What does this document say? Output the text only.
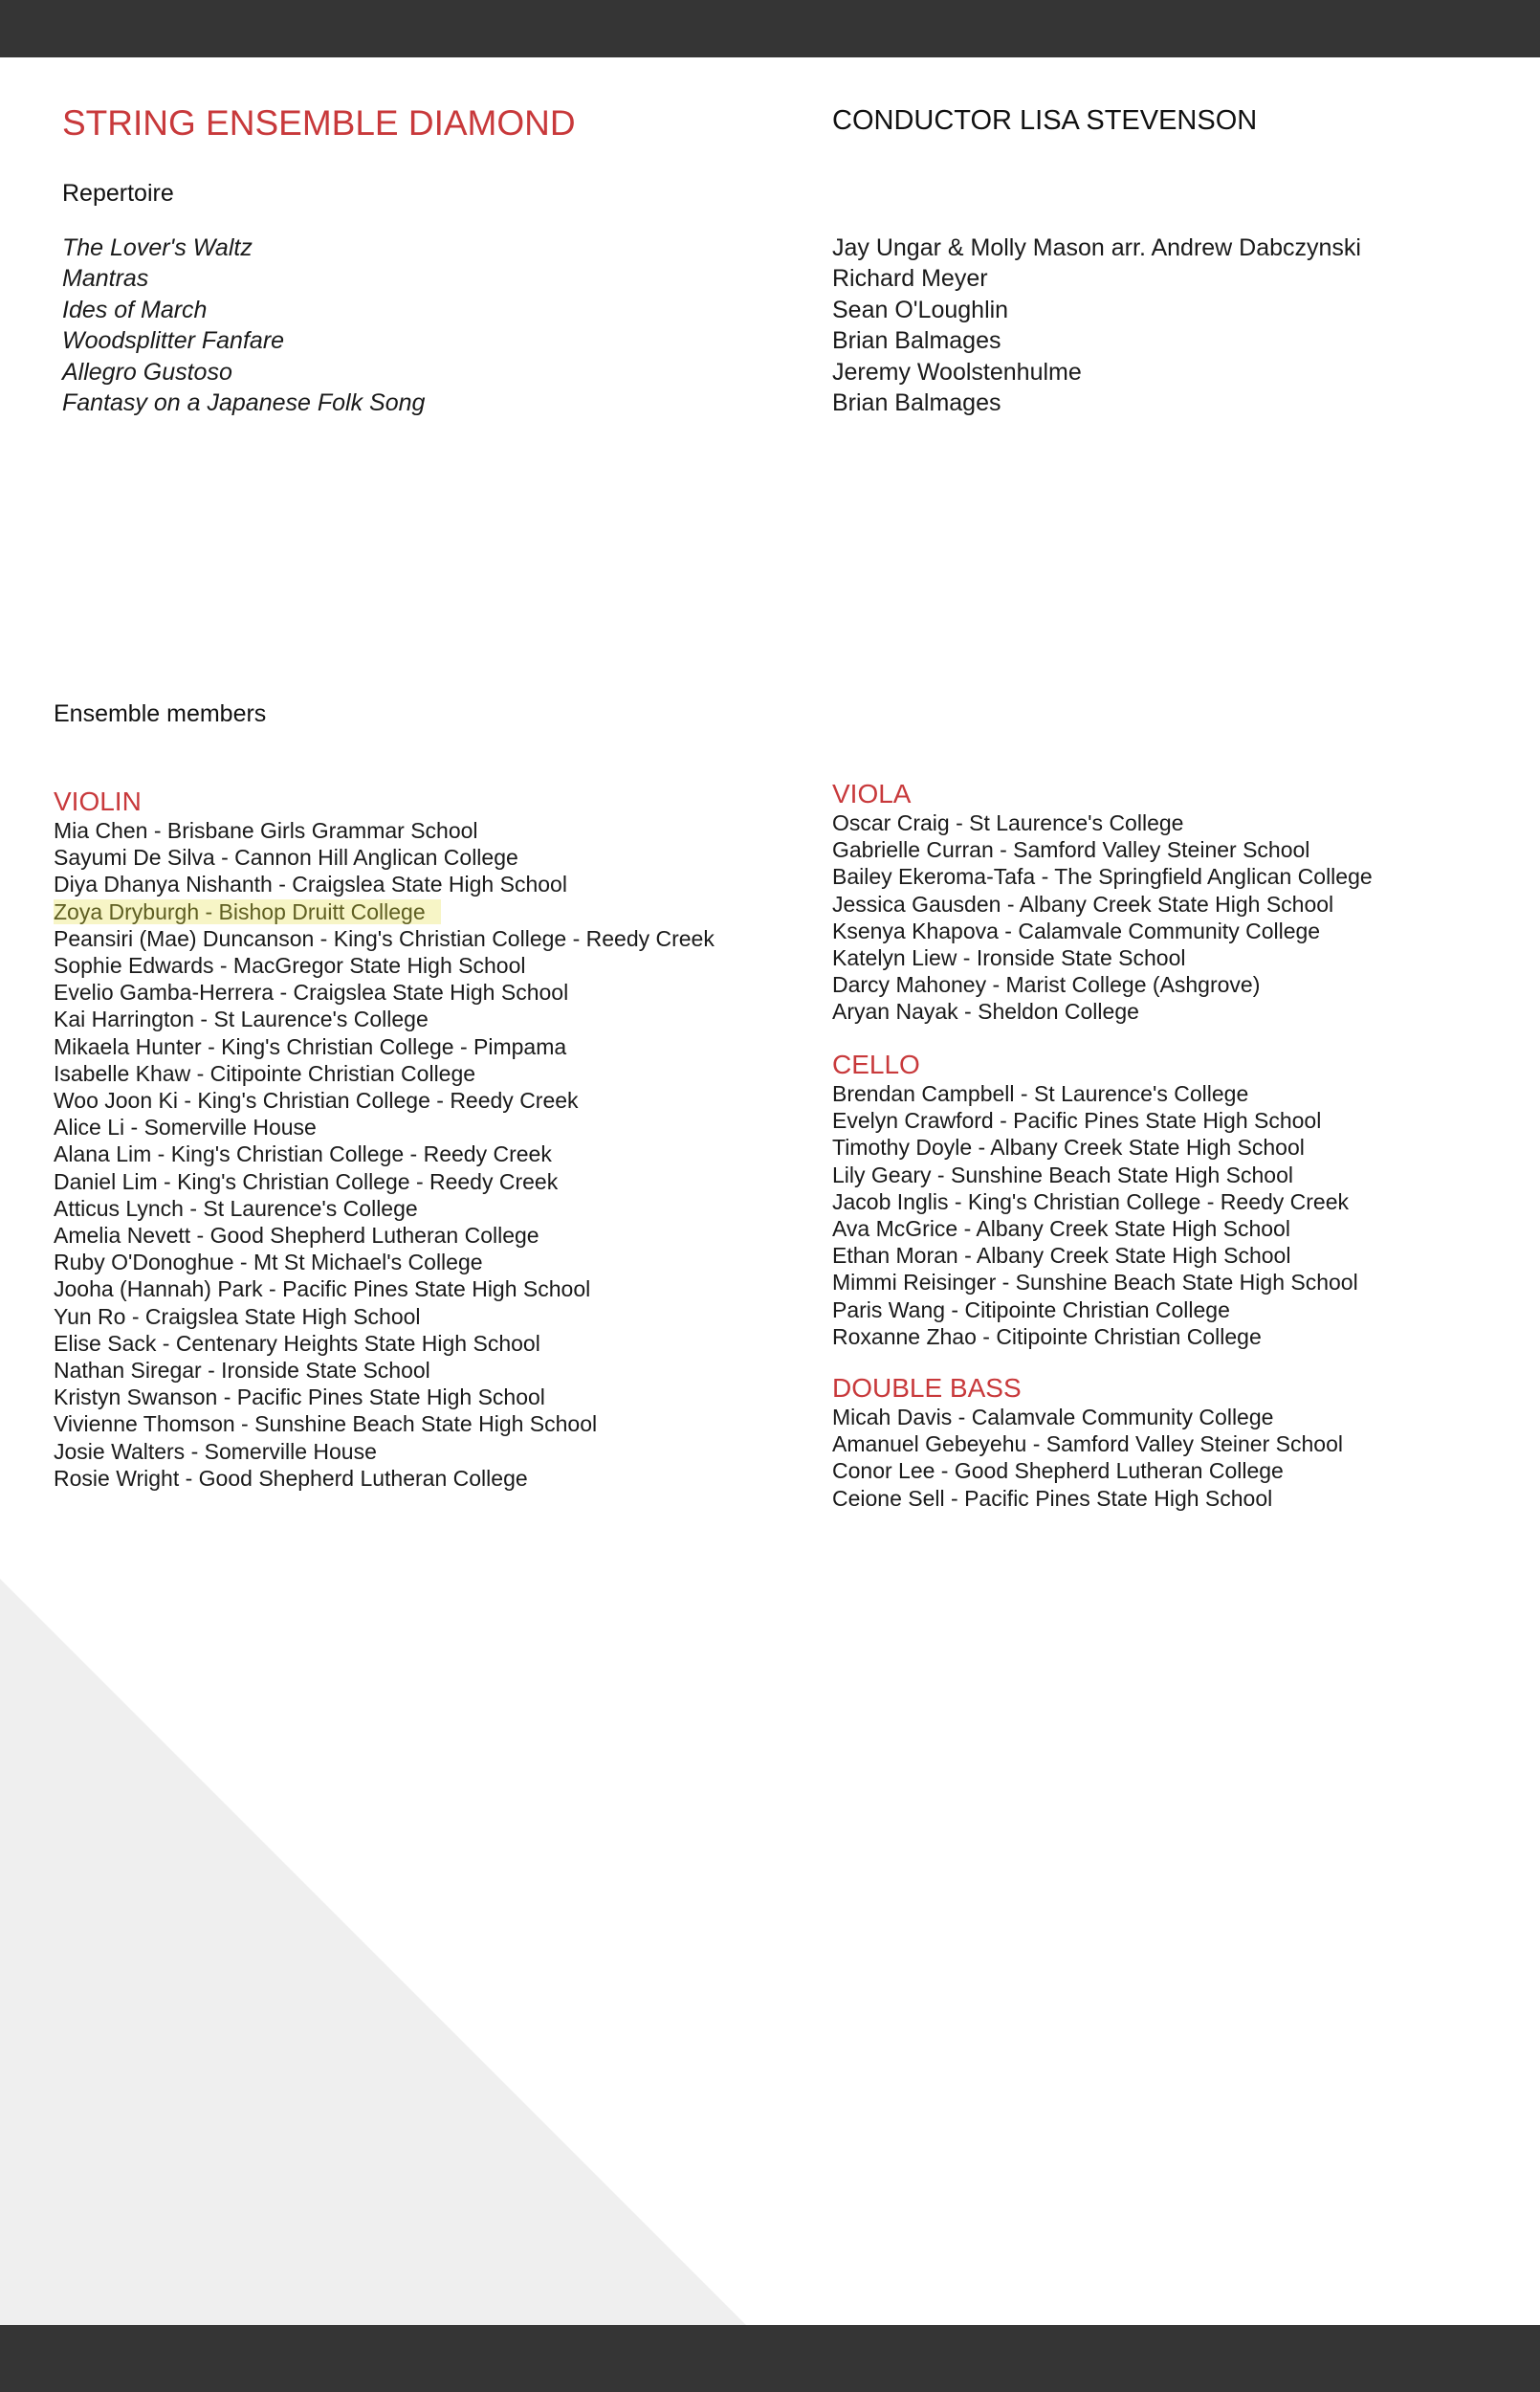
STRING ENSEMBLE DIAMOND	CONDUCTOR LISA STEVENSON
Repertoire
The Lover's Waltz
Mantras
Ides of March
Woodsplitter Fanfare
Allegro Gustoso
Fantasy on a Japanese Folk Song
Jay Ungar & Molly Mason arr. Andrew Dabczynski
Richard Meyer
Sean O'Loughlin
Brian Balmages
Jeremy Woolstenhulme
Brian Balmages
Ensemble members
VIOLIN
Mia Chen - Brisbane Girls Grammar School
Sayumi De Silva - Cannon Hill Anglican College
Diya Dhanya Nishanth - Craigslea State High School
Zoya Dryburgh - Bishop Druitt College
Peansiri (Mae) Duncanson - King's Christian College - Reedy Creek
Sophie Edwards - MacGregor State High School
Evelio Gamba-Herrera - Craigslea State High School
Kai Harrington - St Laurence's College
Mikaela Hunter - King's Christian College - Pimpama
Isabelle Khaw - Citipointe Christian College
Woo Joon Ki - King's Christian College - Reedy Creek
Alice Li - Somerville House
Alana Lim - King's Christian College - Reedy Creek
Daniel Lim - King's Christian College - Reedy Creek
Atticus Lynch - St Laurence's College
Amelia Nevett - Good Shepherd Lutheran College
Ruby O'Donoghue - Mt St Michael's College
Jooha (Hannah) Park - Pacific Pines State High School
Yun Ro - Craigslea State High School
Elise Sack - Centenary Heights State High School
Nathan Siregar - Ironside State School
Kristyn Swanson - Pacific Pines State High School
Vivienne Thomson - Sunshine Beach State High School
Josie Walters - Somerville House
Rosie Wright - Good Shepherd Lutheran College
VIOLA
Oscar Craig - St Laurence's College
Gabrielle Curran - Samford Valley Steiner School
Bailey Ekeroma-Tafa - The Springfield Anglican College
Jessica Gausden - Albany Creek State High School
Ksenya Khapova - Calamvale Community College
Katelyn Liew - Ironside State School
Darcy Mahoney - Marist College (Ashgrove)
Aryan Nayak - Sheldon College
CELLO
Brendan Campbell - St Laurence's College
Evelyn Crawford - Pacific Pines State High School
Timothy Doyle - Albany Creek State High School
Lily Geary - Sunshine Beach State High School
Jacob Inglis - King's Christian College - Reedy Creek
Ava McGrice - Albany Creek State High School
Ethan Moran - Albany Creek State High School
Mimmi Reisinger - Sunshine Beach State High School
Paris Wang - Citipointe Christian College
Roxanne Zhao - Citipointe Christian College
DOUBLE BASS
Micah Davis - Calamvale Community College
Amanuel Gebeyehu - Samford Valley Steiner School
Conor Lee - Good Shepherd Lutheran College
Ceione Sell - Pacific Pines State High School
